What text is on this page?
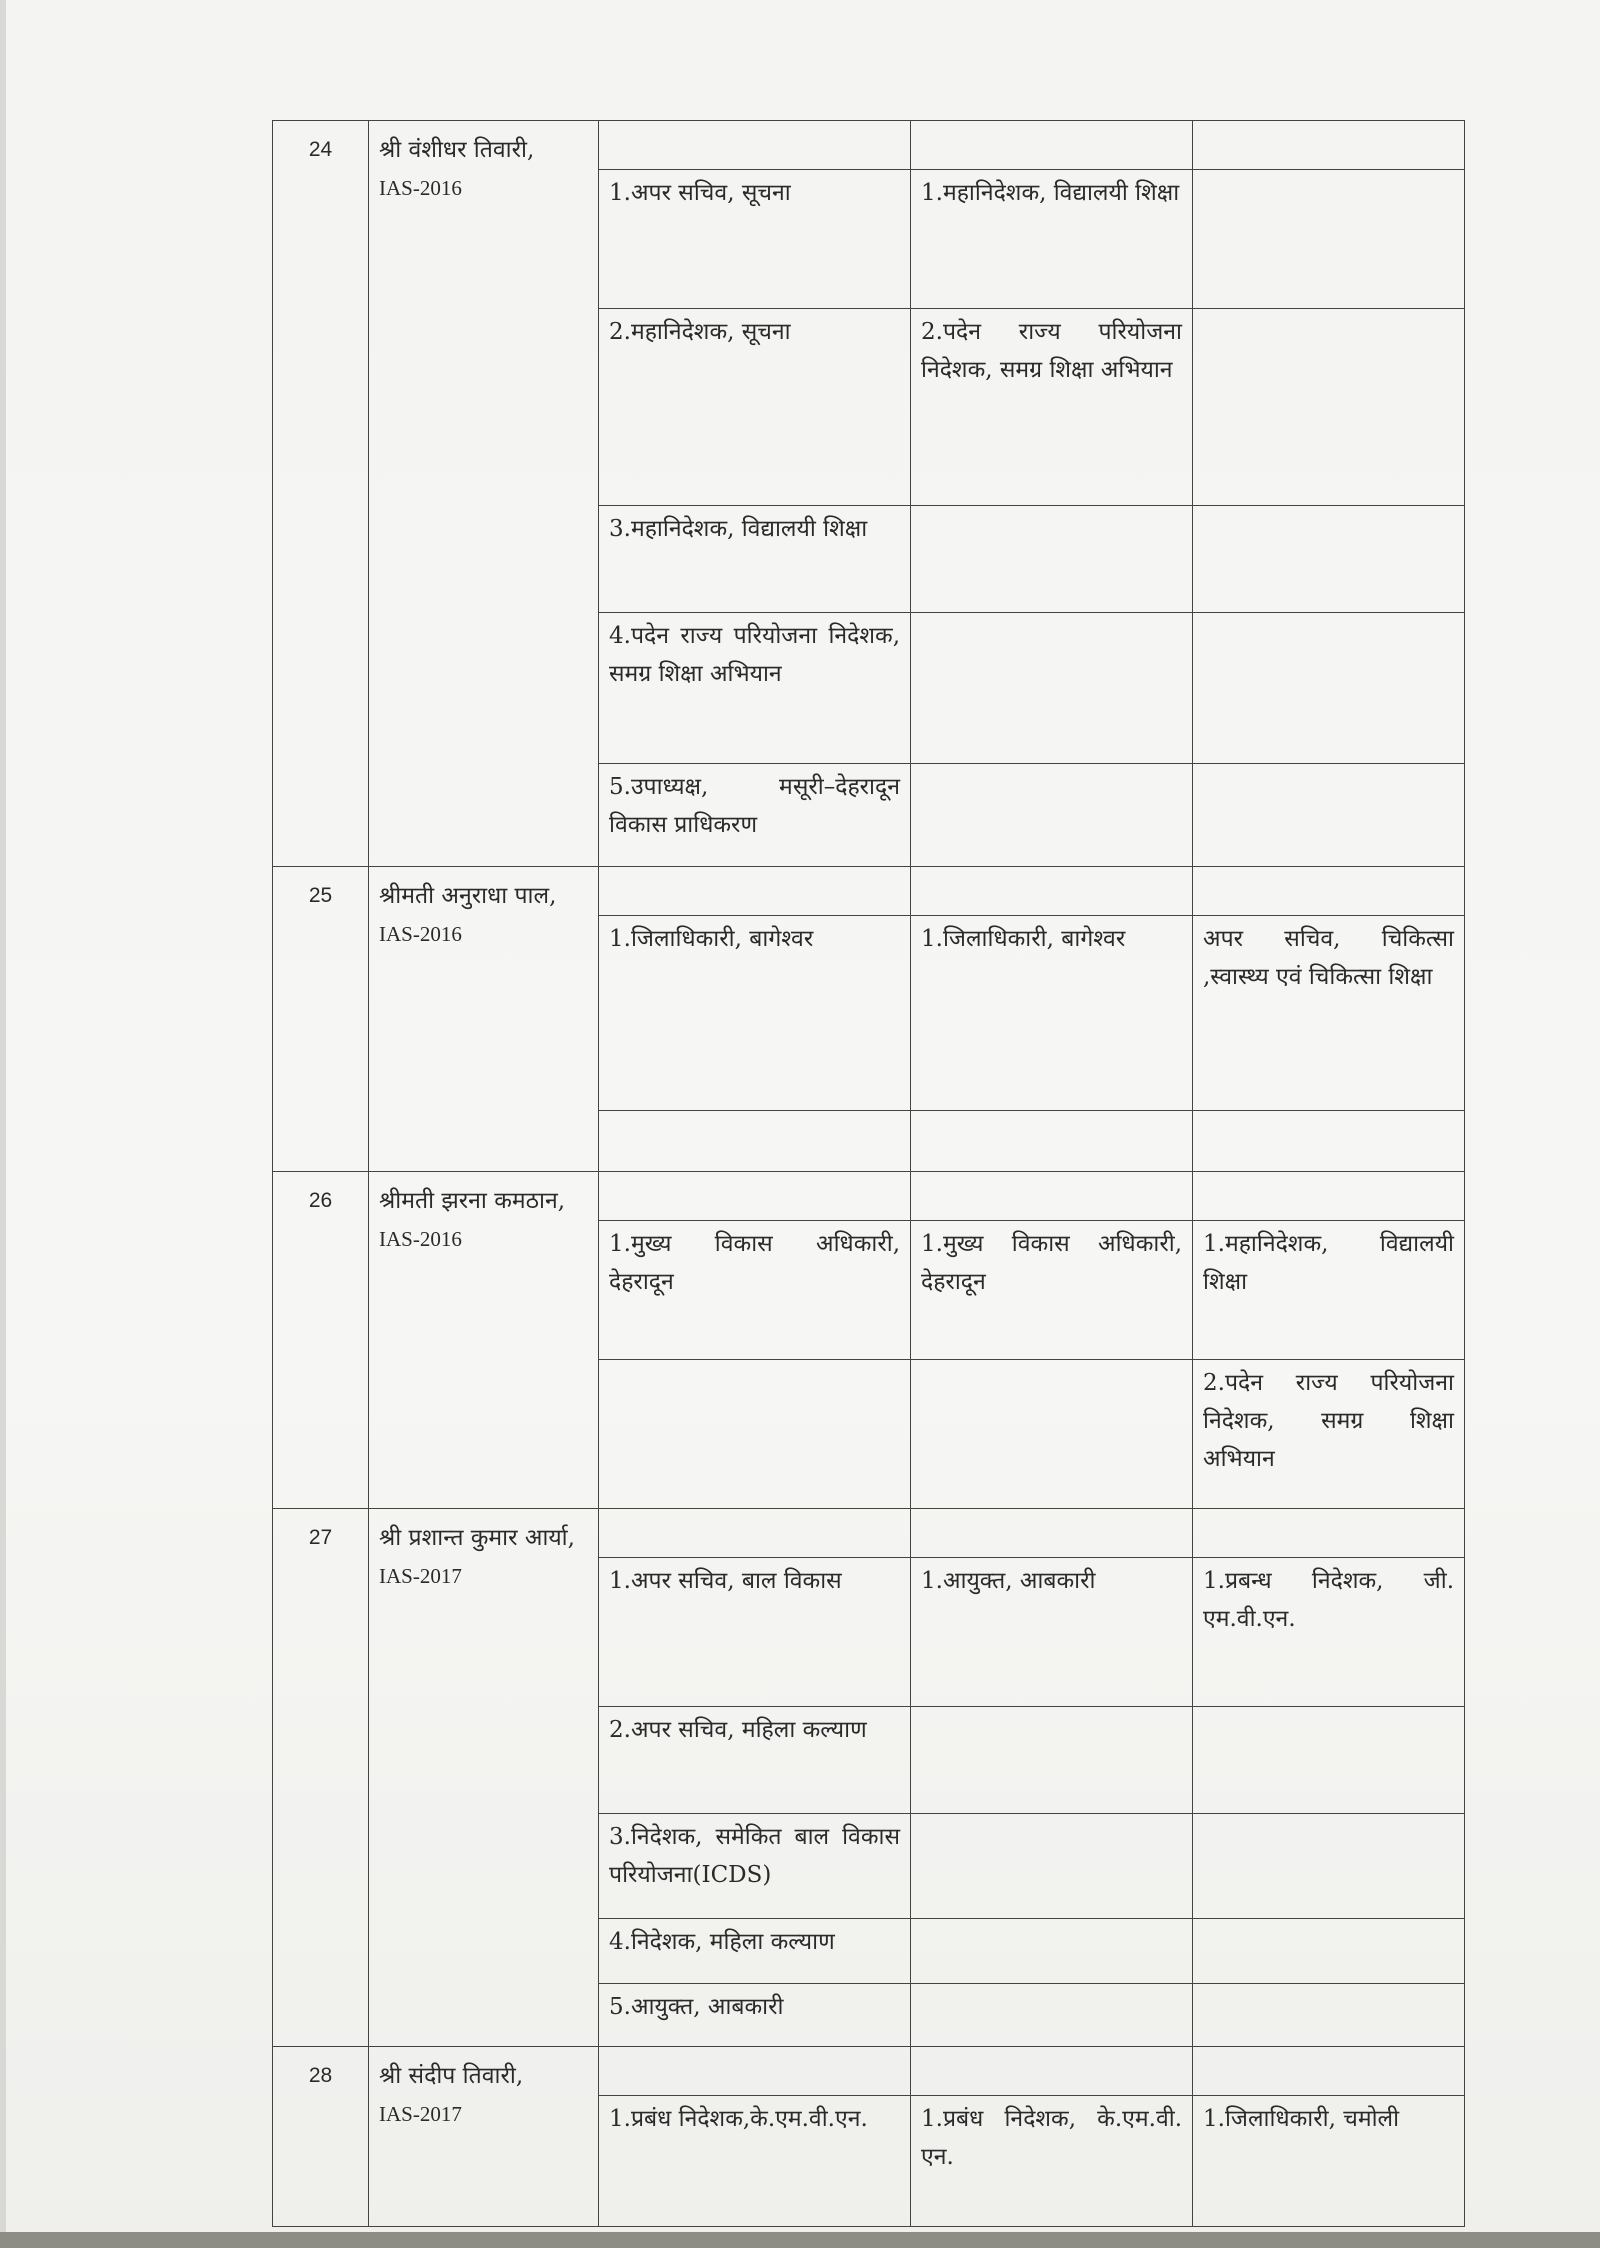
24	श्री वंशीधर तिवारी,
IAS-2016			

		1.अपर सचिव, सूचना	1.महानिदेशक, विद्यालयी शिक्षा	

		2.महानिदेशक, सूचना	2.पदेन राज्य परियोजना निदेशक, समग्र शिक्षा अभियान	

		3.महानिदेशक, विद्यालयी शिक्षा		

		4.पदेन राज्य परियोजना निदेशक, समग्र शिक्षा अभियान		

		5.उपाध्यक्ष, मसूरी–देहरादून विकास प्राधिकरण		

25	श्रीमती अनुराधा पाल,
IAS-2016			

		1.जिलाधिकारी, बागेश्वर	1.जिलाधिकारी, बागेश्वर	अपर सचिव, चिकित्सा ,स्वास्थ्य एवं चिकित्सा शिक्षा

26	श्रीमती झरना कमठान,
IAS-2016			

		1.मुख्य विकास अधिकारी, देहरादून	1.मुख्य विकास अधिकारी, देहरादून	1.महानिदेशक, विद्यालयी शिक्षा

				2.पदेन राज्य परियोजना निदेशक, समग्र शिक्षा अभियान

27	श्री प्रशान्त कुमार आर्या,
IAS-2017			

		1.अपर सचिव, बाल विकास	1.आयुक्त, आबकारी	1.प्रबन्ध निदेशक, जी. एम.वी.एन.

		2.अपर सचिव, महिला कल्याण		

		3.निदेशक, समेकित बाल विकास परियोजना(ICDS)		

		4.निदेशक, महिला कल्याण		

		5.आयुक्त, आबकारी		

28	श्री संदीप तिवारी,
IAS-2017			

		1.प्रबंध निदेशक,के.एम.वी.एन.	1.प्रबंध निदेशक, के.एम.वी. एन.	1.जिलाधिकारी, चमोली
